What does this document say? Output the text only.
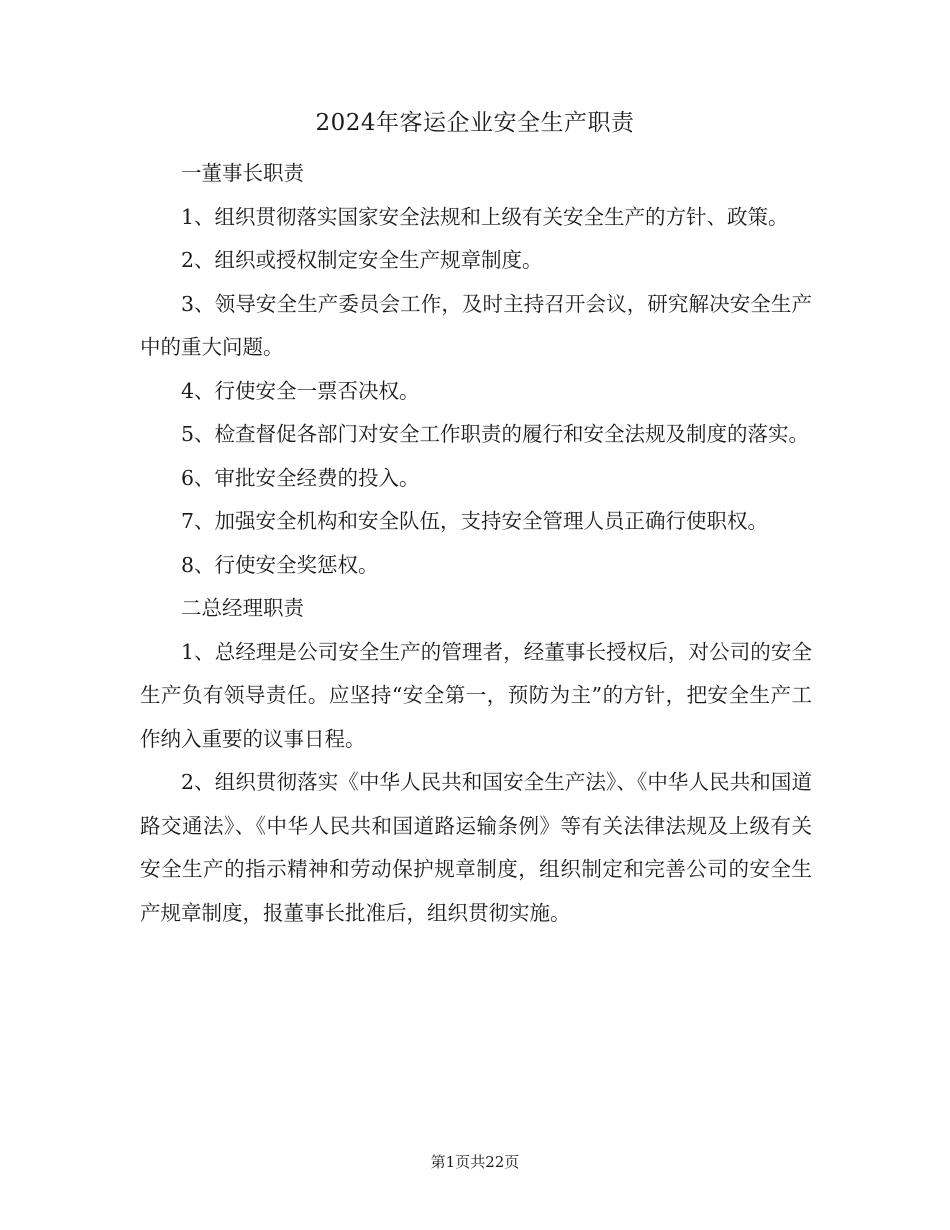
2024年客运企业安全生产职责

一董事长职责

1、组织贯彻落实国家安全法规和上级有关安全生产的方针、政策。

2、组织或授权制定安全生产规章制度。

3、领导安全生产委员会工作，及时主持召开会议，研究解决安全生产中的重大问题。

4、行使安全一票否决权。

5、检查督促各部门对安全工作职责的履行和安全法规及制度的落实。

6、审批安全经费的投入。

7、加强安全机构和安全队伍，支持安全管理人员正确行使职权。

8、行使安全奖惩权。

二总经理职责

1、总经理是公司安全生产的管理者，经董事长授权后，对公司的安全生产负有领导责任。应坚持“安全第一，预防为主”的方针，把安全生产工作纳入重要的议事日程。

2、组织贯彻落实《中华人民共和国安全生产法》、《中华人民共和国道路交通法》、《中华人民共和国道路运输条例》等有关法律法规及上级有关安全生产的指示精神和劳动保护规章制度，组织制定和完善公司的安全生产规章制度，报董事长批准后，组织贯彻实施。

第1页共22页
